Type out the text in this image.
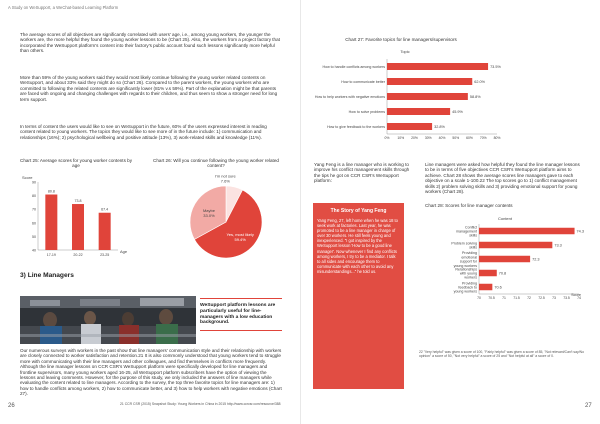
A Study on WeSupport, a WeChat-based Learning Platform

The average scores of all objectives are significantly correlated with users' age, i.e., among young workers, the younger the workers are, the more helpful they found the young worker lessons to be (Chart 25). Also, the workers from a project factory that incorporated the WeSupport platform's content into their factory's public account found such lessons significantly more helpful than others.

More than 59% of the young workers said they would most likely continue following the young worker related contents on WeSupport, and about 33% said they might do so (Chart 26). Compared to the parent workers, the young workers who are committed to following the related contents are significantly lower (81% v.s 59%). Part of the explanation might be that parents are faced with ongoing and changing challenges with regards to their children, and thus seem to show a stronger need for long term support.

In terms of content the users would like to see on WeSupport in the future, 60% of the users expressed interest in reading content related to young workers. The topics they would like to see more of in the future include: 1) communication and relationships (16%); 2) psychological wellbeing and positive attitude (13%), 3) work-related skills and knowledge (11%).

Chart 25: Average scores for young worker contents by age
Chart 26: Will you continue following the young worker related content?
Score
Age
40
50
60
70
80
90
80.8
17-19
73.8
20-22
67.4
23-25
I'm not sure
7.6%
Yes, most likely
59.4%
Maybe
33.0%
3) Line Managers
WeSupport platform lessons are particularly useful for line-managers with a low education background.

Our numerous surveys with workers in the past show that line managers' communication style and their relationship with workers are closely connected to worker satisfaction and retention.21 It is also commonly understood that young workers tend to struggle more with communicating with their line managers and other colleagues, and find themselves in conflicts more frequently. Although the line manager lessons on CCR CSR's WeSupport platform were specifically developed for line managers and frontline supervisors, many young workers aged 16-25, all WeSupport platform subscribers have the option of viewing the lessons and leaving comments. However, for the purpose of this study, we only included the answers of line managers while evaluating the content related to line managers. According to the survey, the top three favorite topics for line managers are: 1) how to handle conflicts among workers, 2) how to communicate better, and 3) how to help workers with negative emotions (Chart 27).

26	21 CCR CSR (2015) Snapshot Study: Young Workers in China in 2015 http://www.ccrcsr.com/resource/388
Chart 27: Favorite topics for line managers/supervisors
Topic
73.5%
How to handle conflicts among workers
62.0%
How to communicate better
58.8%
How to help workers with negative emotions
45.9%
How to solve problems
32.8%
How to give feedback to the workers
0% 10% 20% 30% 40% 50% 60% 70% 80%

Yang Feng is a line manager who is working to improve his conflict management skills through the tips he got on CCR CSR's WeSupport platform:

Line managers were asked how helpful they found the line manager lessons to be in terms of five objectives CCR CSR's WeSupport platform aims to achieve. Chart 28 shows the average scores line managers gave to each objective on a scale 1-100.22 The top scores go to 1) conflict management skills 2) problem solving skills and 3) providing emotional support for young workers (Chart 28).

Chart 28: Scores for line manager contents
Content
74.3
Conflict
management
skills
73.3
Problem solving
skills
72.3
Providing
emotional
support for
young workers
70.8
Relationships
with young
workers
70.6
Providing
feedback to
young workers
70 70.5 71 71.5 72 72.5 73 73.5 74
Score
22 "Very helpful" was given a score of 100, "Fairly helpful" was given a score of 85, "Not relevant/Can't say/No opinion" a score of 50, "Not very helpful" a score of 25 and "Not helpful at all" a score of 0.
27
The Story of Yang Feng
Yang Feng, 27, left home when he was 18 to seek work at factories. Last year, he was promoted to be a line manager in charge of over 30 workers. He still feels young and inexperienced. "I got inspired by the WeSupport lesson 'How to be a good line manager'. Now whenever I find any conflicts among workers, I try to be a mediator. I talk to all sides and encourage them to communicate with each other to avoid any misunderstandings..." he told us.
